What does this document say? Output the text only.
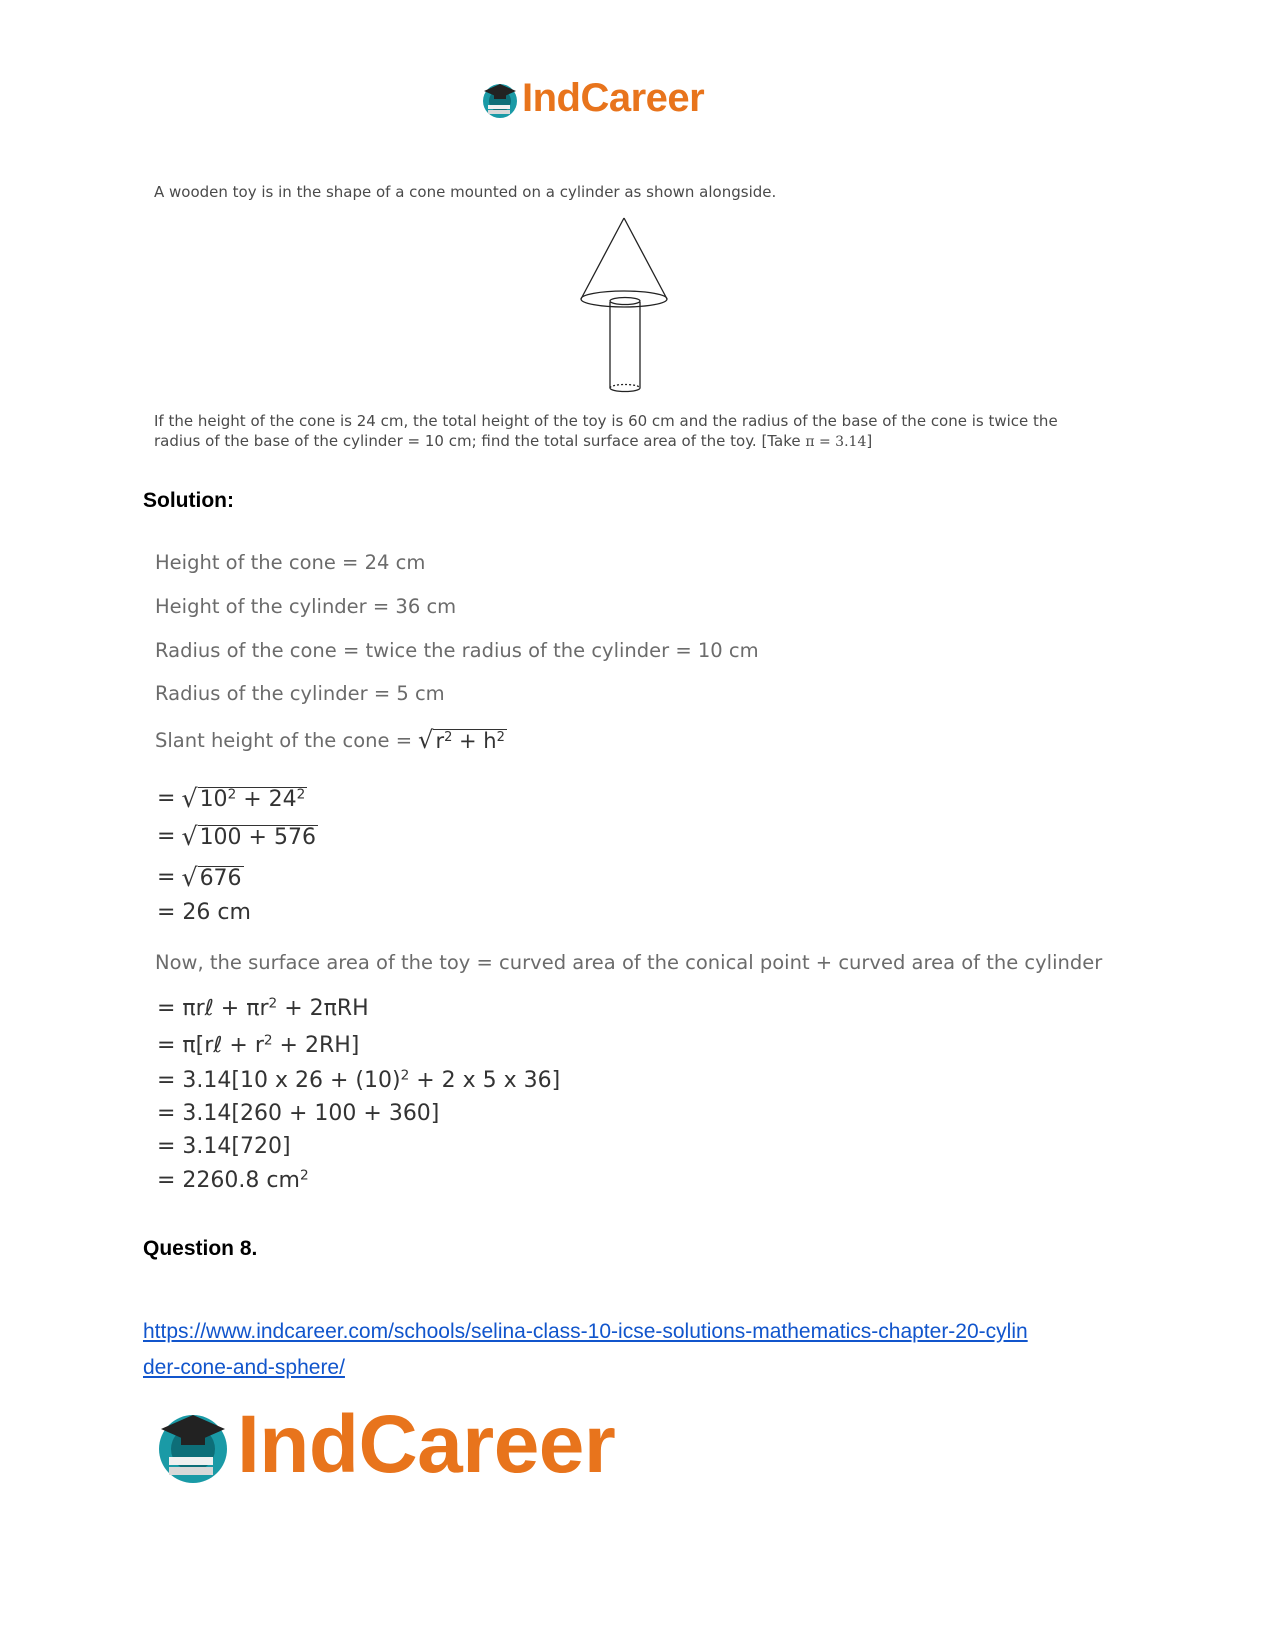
IndCareer
A wooden toy is in the shape of a cone mounted on a cylinder as shown alongside.
If the height of the cone is 24 cm, the total height of the toy is 60 cm and the radius of the base of the cone is twice the radius of the base of the cylinder = 10 cm; find the total surface area of the toy. [Take π = 3.14]
Solution:
Height of the cone = 24 cm
Height of the cylinder = 36 cm
Radius of the cone = twice the radius of the cylinder = 10 cm
Radius of the cylinder = 5 cm
Slant height of the cone = √ $r^2 + h^2$
= √ $10^2 + 24^2$
= √ 100 + 576
= √ 676
= 26 cm
Now, the surface area of the toy = curved area of the conical point + curved area of the cylinder
= πrℓ + $\pi r^2 + 2\pi RH$
= π[rℓ + $r^2 + 2RH$]
= 3.14[10 x $26 + (10)^2 + 2$ x 5 x 36]
= 3.14[260 + 100 + 360]
= 3.14[720]
= 2260.8 $cm^2$
Question 8.
https://www.indcareer.com/schools/selina-class-10-icse-solutions-mathematics-chapter-20-cylin
der-cone-and-sphere/
IndCareer
